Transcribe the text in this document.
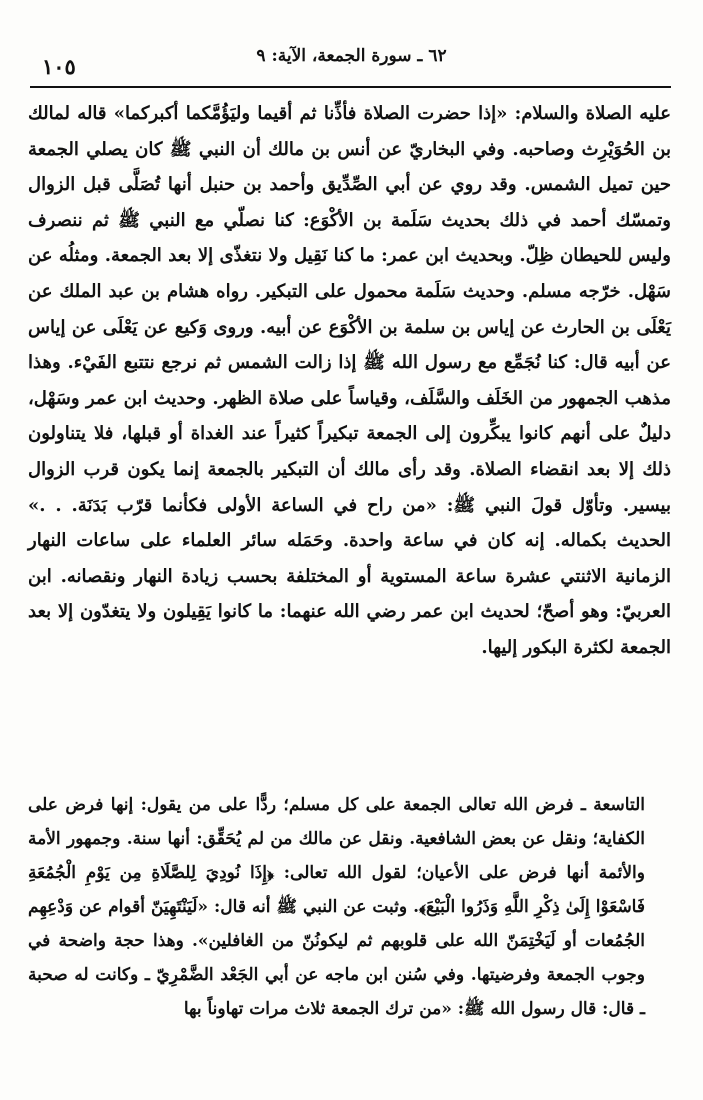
٦٢ ـ سورة الجمعة، الآية: ٩
١٠٥

عليه الصلاة والسلام: «إذا حضرت الصلاة فأذِّنا ثم أقيما وليَؤُمَّكما أكبركما» قاله لمالك بن الحُوَيْرِث وصاحبه. وفي البخاريّ عن أنس بن مالك أن النبي ﷺ كان يصلي الجمعة حين تميل الشمس. وقد روي عن أبي الصِّدِّيق وأحمد بن حنبل أنها تُصَلَّى قبل الزوال وتمسّك أحمد في ذلك بحديث سَلَمة بن الأكْوَع: كنا نصلّي مع النبي ﷺ ثم ننصرف وليس للحيطان ظِلّ. وبحديث ابن عمر: ما كنا نَقِيل ولا نتغذّى إلا بعد الجمعة. ومثلُه عن سَهْل. خرّجه مسلم. وحديث سَلَمة محمول على التبكير. رواه هشام بن عبد الملك عن يَعْلَى بن الحارث عن إياس بن سلمة بن الأكْوَع عن أبيه. وروى وَكيع عن يَعْلَى عن إياس عن أبيه قال: كنا نُجَمِّع مع رسول الله ﷺ إذا زالت الشمس ثم نرجع نتتبع الفَيْء. وهذا مذهب الجمهور من الخَلَف والسَّلَف، وقياساً على صلاة الظهر. وحديث ابن عمر وسَهْل، دليلٌ على أنهم كانوا يبكِّرون إلى الجمعة تبكيراً كثيراً عند الغداة أو قبلها، فلا يتناولون ذلك إلا بعد انقضاء الصلاة. وقد رأى مالك أن التبكير بالجمعة إنما يكون قرب الزوال بيسير. وتأوّل قولَ النبي ﷺ: «من راح في الساعة الأولى فكأنما قرّب بَدَنَة. . .» الحديث بكماله. إنه كان في ساعة واحدة. وحَمَله سائر العلماء على ساعات النهار الزمانية الاثنتي عشرة ساعة المستوية أو المختلفة بحسب زيادة النهار ونقصانه. ابن العربيّ: وهو أصحّ؛ لحديث ابن عمر رضي الله عنهما: ما كانوا يَقِيلون ولا يتغدّون إلا بعد الجمعة لكثرة البكور إليها.

التاسعة ـ فرض الله تعالى الجمعة على كل مسلم؛ ردًّا على من يقول: إنها فرض على الكفاية؛ ونقل عن بعض الشافعية. ونقل عن مالك من لم يُحَقِّق: أنها سنة. وجمهور الأمة والأئمة أنها فرض على الأعيان؛ لقول الله تعالى: ﴿إِذَا نُودِيَ لِلصَّلَاةِ مِن يَوْمِ الْجُمُعَةِ فَاسْعَوْا إِلَىٰ ذِكْرِ اللَّهِ وَذَرُوا الْبَيْعَ﴾. وثبت عن النبي ﷺ أنه قال: «لَيَنْتَهِيَنّ أقوام عن وَدْعِهِم الجُمُعات أو لَيَخْتِمَنّ الله على قلوبهم ثم ليكونُنّ من الغافلين». وهذا حجة واضحة في وجوب الجمعة وفرضيتها. وفي سُنن ابن ماجه عن أبي الجَعْد الضَّمْرِيّ ـ وكانت له صحبة ـ قال: قال رسول الله ﷺ: «من ترك الجمعة ثلاث مرات تهاوناً بها
